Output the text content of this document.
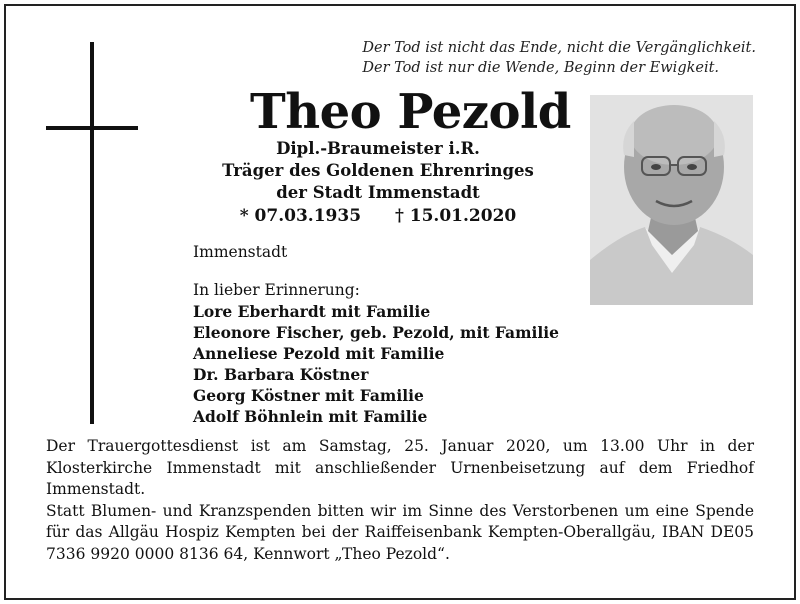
Der Tod ist nicht das Ende, nicht die Vergänglichkeit.
Der Tod ist nur die Wende, Beginn der Ewigkeit.
Theo Pezold
Dipl.-Braumeister i.R.
Träger des Goldenen Ehrenringes
der Stadt Immenstadt
* 07.03.1935 † 15.01.2020
Immenstadt
In lieber Erinnerung:
Lore Eberhardt mit Familie
Eleonore Fischer, geb. Pezold, mit Familie
Anneliese Pezold mit Familie
Dr. Barbara Köstner
Georg Köstner mit Familie
Adolf Böhnlein mit Familie

Der Trauergottesdienst ist am Samstag, 25. Januar 2020, um 13.00 Uhr in der Klosterkirche Immenstadt mit anschließender Urnenbeisetzung auf dem Friedhof Immenstadt.

Statt Blumen- und Kranzspenden bitten wir im Sinne des Verstorbenen um eine Spende für das Allgäu Hospiz Kempten bei der Raiffeisenbank Kempten-Oberallgäu, IBAN DE05 7336 9920 0000 8136 64, Kennwort „Theo Pezold“.
